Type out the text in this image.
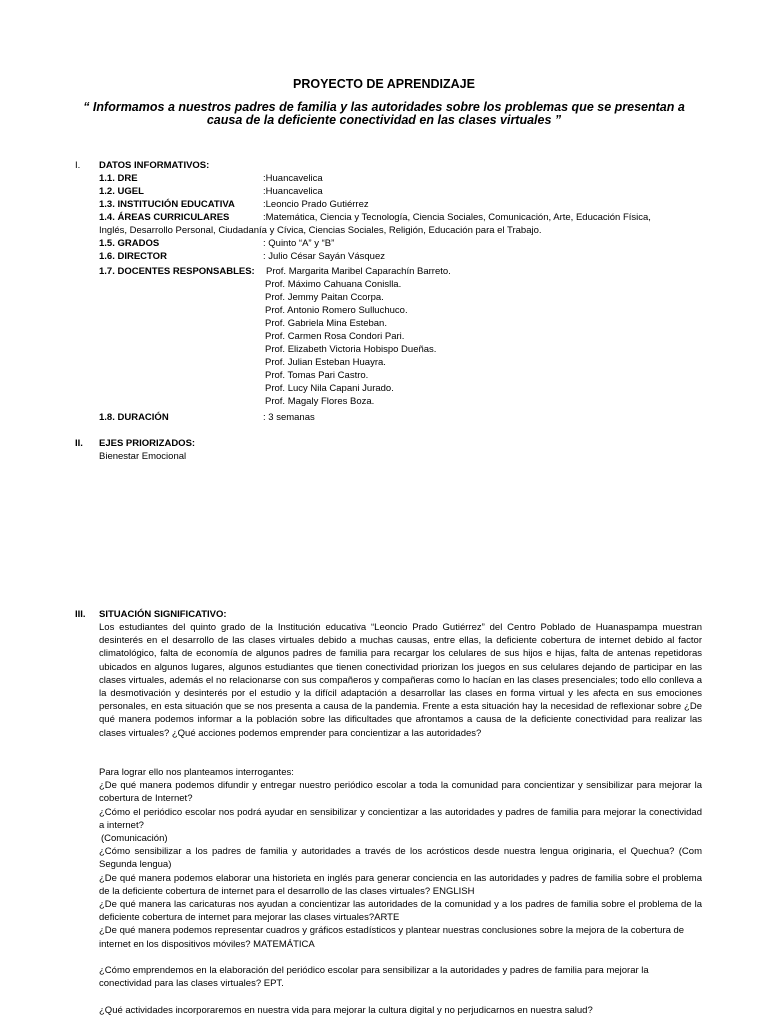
PROYECTO DE APRENDIZAJE
“ Informamos a nuestros padres de familia y las autoridades sobre los problemas que se presentan a causa de la deficiente conectividad en las clases virtuales ”
I. DATOS INFORMATIVOS:
1.1. DRE	:Huancavelica
1.2. UGEL	:Huancavelica
1.3. INSTITUCIÓN EDUCATIVA	:Leoncio Prado Gutiérrez
1.4. ÁREAS CURRICULARES	:Matemática, Ciencia y Tecnología, Ciencia Sociales, Comunicación, Arte, Educación Física,
Inglés, Desarrollo Personal, Ciudadanía y Cívica, Ciencias Sociales, Religión, Educación para el Trabajo.
1.5. GRADOS	: Quinto “A” y “B”
1.6. DIRECTOR	: Julio César Sayán Vásquez
1.7. DOCENTES RESPONSABLES: Prof. Margarita Maribel Caparachín Barreto.
Prof. Máximo Cahuana Conislla.
Prof. Jemmy Paitan Ccorpa.
Prof. Antonio Romero Sulluchuco.
Prof. Gabriela Mina Esteban.
Prof. Carmen Rosa Condori Pari.
Prof. Elizabeth Victoria Hobispo Dueñas.
Prof. Julian Esteban Huayra.
Prof. Tomas Pari Castro.
Prof. Lucy Nila Capani Jurado.
Prof. Magaly Flores Boza.
1.8. DURACIÓN	: 3 semanas
II. EJES PRIORIZADOS:
Bienestar Emocional
III. SITUACIÓN SIGNIFICATIVO:
Los estudiantes del quinto grado de la Institución educativa “Leoncio Prado Gutiérrez” del Centro Poblado de Huanaspampa muestran desinterés en el desarrollo de las clases virtuales debido a muchas causas, entre ellas, la deficiente cobertura de internet debido al factor climatológico, falta de economía de algunos padres de familia para recargar los celulares de sus hijos e hijas, falta de antenas repetidoras ubicados en algunos lugares, algunos estudiantes que tienen conectividad priorizan los juegos en sus celulares dejando de participar en las clases virtuales, además el no relacionarse con sus compañeros y compañeras como lo hacían en las clases presenciales; todo ello conlleva a la desmotivación y desinterés por el estudio y la difícil adaptación a desarrollar las clases en forma virtual y les afecta en sus emociones personales, en esta situación que se nos presenta a causa de la pandemia. Frente a esta situación hay la necesidad de reflexionar sobre ¿De qué manera podemos informar a la población sobre las dificultades que afrontamos a causa de la deficiente conectividad para realizar las clases virtuales? ¿Qué acciones podemos emprender para concientizar a las autoridades?

Para lograr ello nos planteamos interrogantes:

¿De qué manera podemos difundir y entregar nuestro periódico escolar a toda la comunidad para concientizar y sensibilizar para mejorar la cobertura de Internet?

¿Cómo el periódico escolar nos podrá ayudar en sensibilizar y concientizar a las autoridades y padres de familia para mejorar la conectividad a internet?

(Comunicación)

¿Cómo sensibilizar a los padres de familia y autoridades a través de los acrósticos desde nuestra lengua originaria, el Quechua? (Com Segunda lengua)

¿De qué manera podemos elaborar una historieta en inglés para generar conciencia en las autoridades y padres de familia sobre el problema de la deficiente cobertura de internet para el desarrollo de las clases virtuales? ENGLISH

¿De qué manera las caricaturas nos ayudan a concientizar las autoridades de la comunidad y a los padres de familia sobre el problema de la deficiente cobertura de internet para mejorar las clases virtuales?ARTE

¿De qué manera podemos representar cuadros y gráficos estadísticos y plantear nuestras conclusiones sobre la mejora de la cobertura de internet en los dispositivos móviles? MATEMÁTICA

¿Cómo emprendemos en la elaboración del periódico escolar para sensibilizar a la autoridades y padres de familia para mejorar la conectividad para las clases virtuales? EPT.
¿Qué actividades incorporaremos en nuestra vida para mejorar la cultura digital y no perjudicarnos en nuestra salud?
